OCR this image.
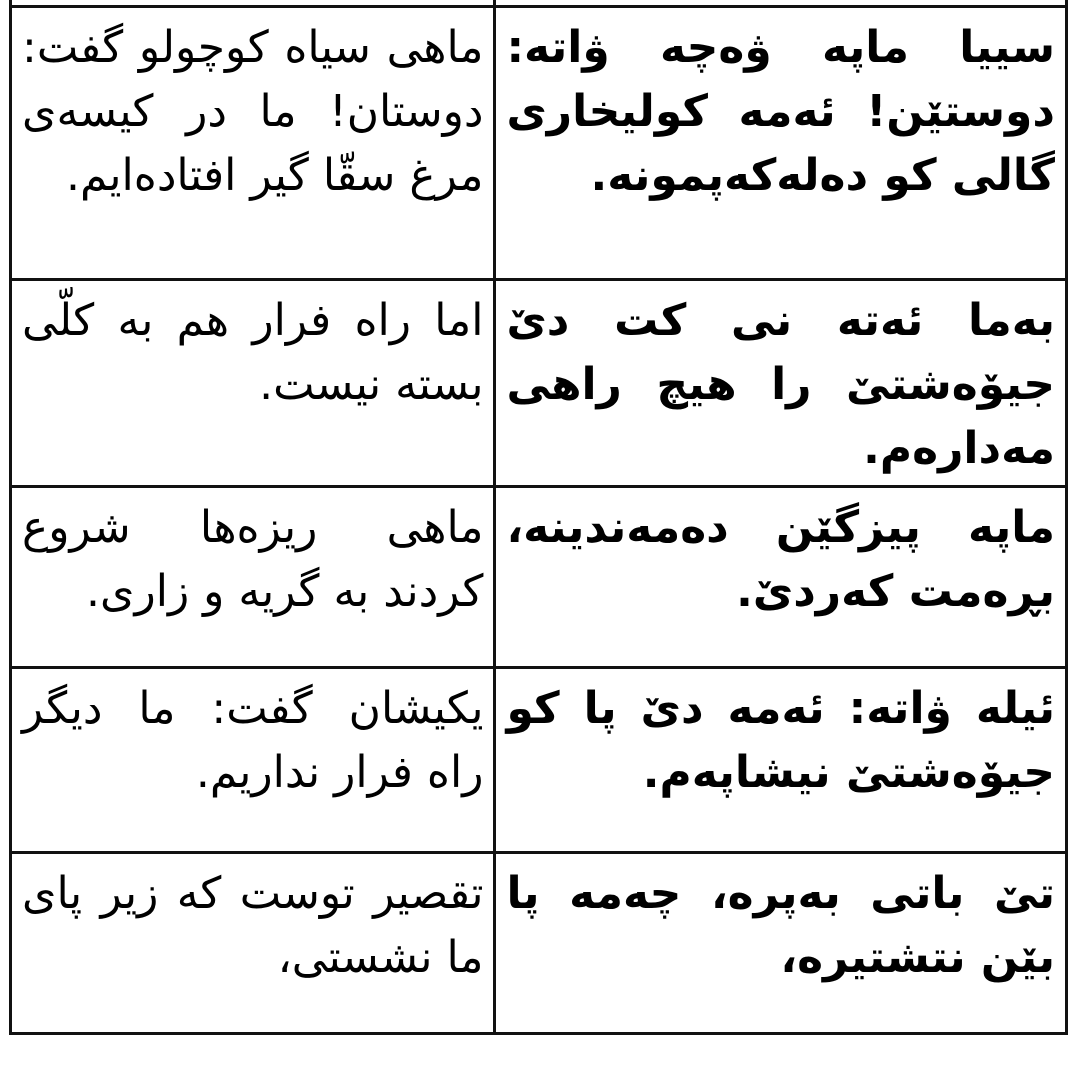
ماهی سیاه کوچولو گفت: دوستان! ما در کیسه‌ی مرغ سقّا گیر افتاده‌ایم.	سییا ماپه ۋەچه ۋاته: دوستێن! ئەمه کولیخاری گالی کو دەلەکەپمونه.
اما راه فرار هم به کلّی بسته نیست.	بەما ئەته نی کت دێ جیۆەشتێ را هیچ راهی مەدارەم.
ماهی ریزه‌ها شروع کردند به گریه و زاری.	ماپه پیزگێن دەمەندینه، بڕەمت کەردێ.
یکیشان گفت: ما دیگر راه فرار نداریم.	ئیله ۋاته: ئەمه دێ پا کو جیۆەشتێ نیشاپەم.
تقصیر توست که زیر پای ما نشستی،	تێ باتی بەپرە، چەمه پا بێن نتشتیرە،
